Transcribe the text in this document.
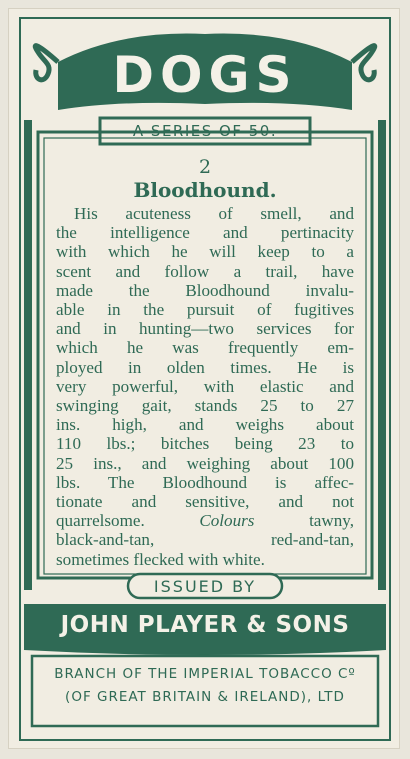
DOGS
A SERIES OF 50.
2
Bloodhound.
His acuteness of smell, and
the intelligence and pertinacity
with which he will keep to a
scent and follow a trail, have
made the Bloodhound invalu-
able in the pursuit of fugitives
and in hunting—two services for
which he was frequently em-
ployed in olden times. He is
very powerful, with elastic and
swinging gait, stands 25 to 27
ins. high, and weighs about
110 lbs.; bitches being 23 to
25 ins., and weighing about 100
lbs. The Bloodhound is affec-
tionate and sensitive, and not
quarrelsome.	Colours	tawny,
black-and-tan, red-and-tan,
sometimes flecked with white.
ISSUED BY
JOHN PLAYER & SONS
BRANCH OF THE IMPERIAL TOBACCO Cº
(OF GREAT BRITAIN & IRELAND), LTD
